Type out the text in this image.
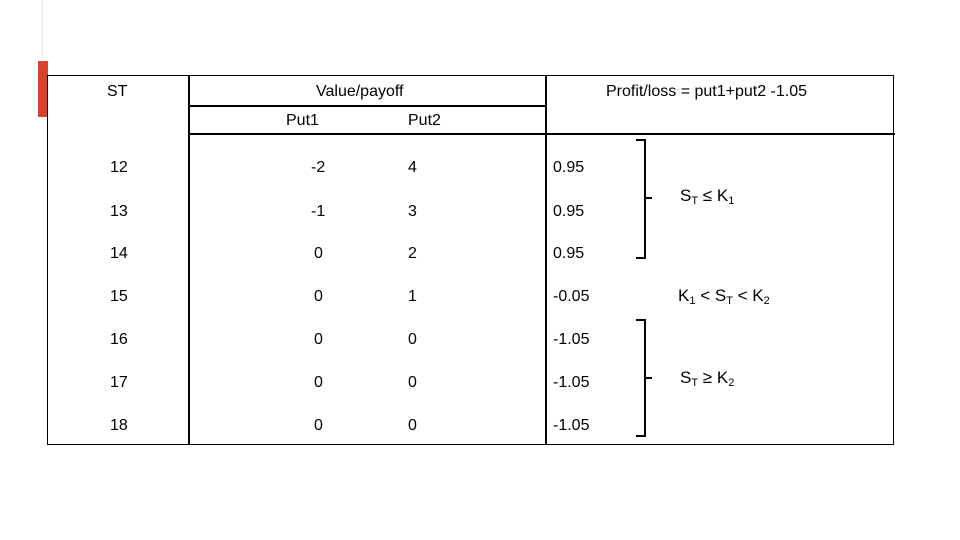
ST	Value/payoff	Profit/loss = put1+put2 -1.05
Put1	Put2
12	-2	4	0.95
13	-1	3	0.95
14	0	2	0.95
15	0	1	-0.05
16	0	0	-1.05
17	0	0	-1.05
18	0	0	-1.05
$S_T \le K_1$
$K_1 < S_T < K_2$
$S_T \ge K_2$
